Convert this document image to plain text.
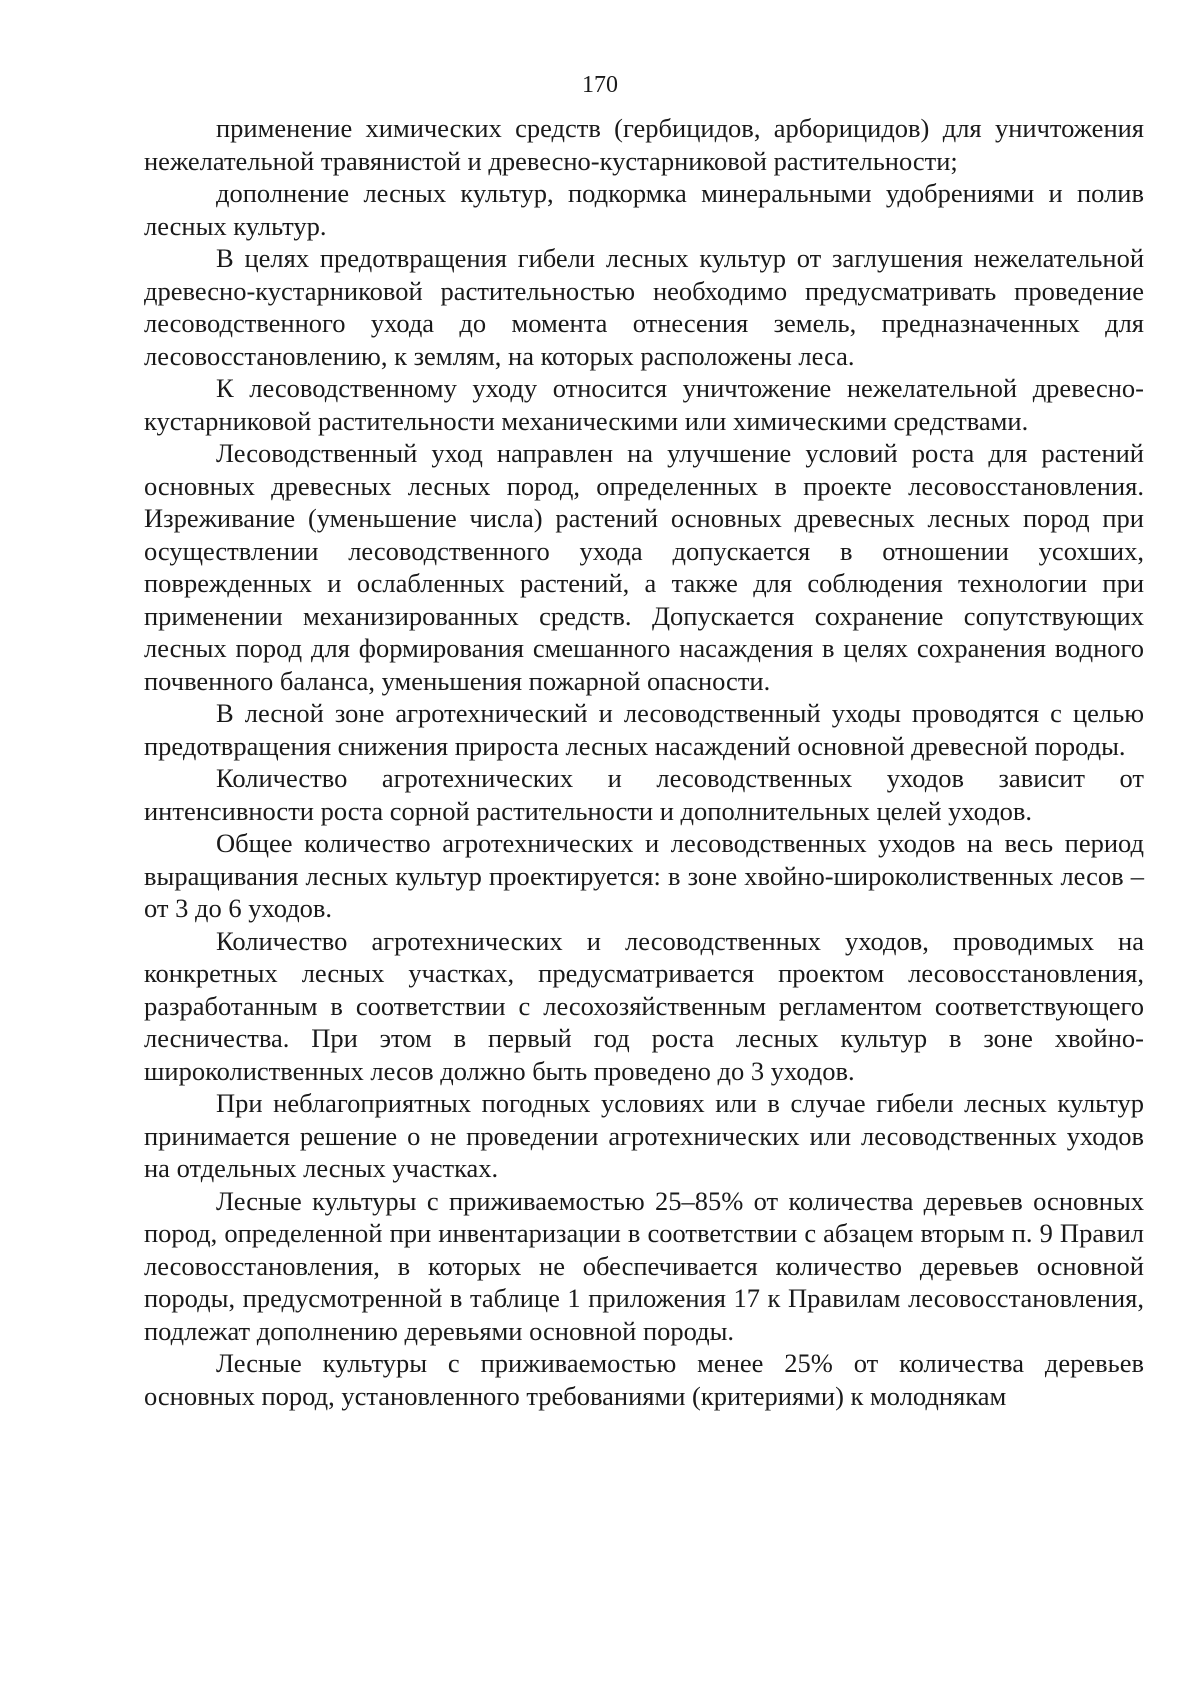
170

применение химических средств (гербицидов, арборицидов) для уничтожения нежелательной травянистой и древесно-кустарниковой растительности;

дополнение лесных культур, подкормка минеральными удобрениями и полив лесных культур.

В целях предотвращения гибели лесных культур от заглушения нежелательной древесно-кустарниковой растительностью необходимо предусматривать проведение лесоводственного ухода до момента отнесения земель, предназначенных для лесовосстановлению, к землям, на которых расположены леса.

К лесоводственному уходу относится уничтожение нежелательной древесно-кустарниковой растительности механическими или химическими средствами.

Лесоводственный уход направлен на улучшение условий роста для растений основных древесных лесных пород, определенных в проекте лесовосстановления. Изреживание (уменьшение числа) растений основных древесных лесных пород при осуществлении лесоводственного ухода допускается в отношении усохших, поврежденных и ослабленных растений, а также для соблюдения технологии при применении механизированных средств. Допускается сохранение сопутствующих лесных пород для формирования смешанного насаждения в целях сохранения водного почвенного баланса, уменьшения пожарной опасности.

В лесной зоне агротехнический и лесоводственный уходы проводятся с целью предотвращения снижения прироста лесных насаждений основной древесной породы.

Количество агротехнических и лесоводственных уходов зависит от интенсивности роста сорной растительности и дополнительных целей уходов.

Общее количество агротехнических и лесоводственных уходов на весь период выращивания лесных культур проектируется: в зоне хвойно-широколиственных лесов – от 3 до 6 уходов.

Количество агротехнических и лесоводственных уходов, проводимых на конкретных лесных участках, предусматривается проектом лесовосстановления, разработанным в соответствии с лесохозяйственным регламентом соответствующего лесничества. При этом в первый год роста лесных культур в зоне хвойно-широколиственных лесов должно быть проведено до 3 уходов.

При неблагоприятных погодных условиях или в случае гибели лесных культур принимается решение о не проведении агротехнических или лесоводственных уходов на отдельных лесных участках.

Лесные культуры с приживаемостью 25–85% от количества деревьев основных пород, определенной при инвентаризации в соответствии с абзацем вторым п. 9 Правил лесовосстановления, в которых не обеспечивается количество деревьев основной породы, предусмотренной в таблице 1 приложения 17 к Правилам лесовосстановления, подлежат дополнению деревьями основной породы.

Лесные культуры с приживаемостью менее 25% от количества деревьев основных пород, установленного требованиями (критериями) к молоднякам
